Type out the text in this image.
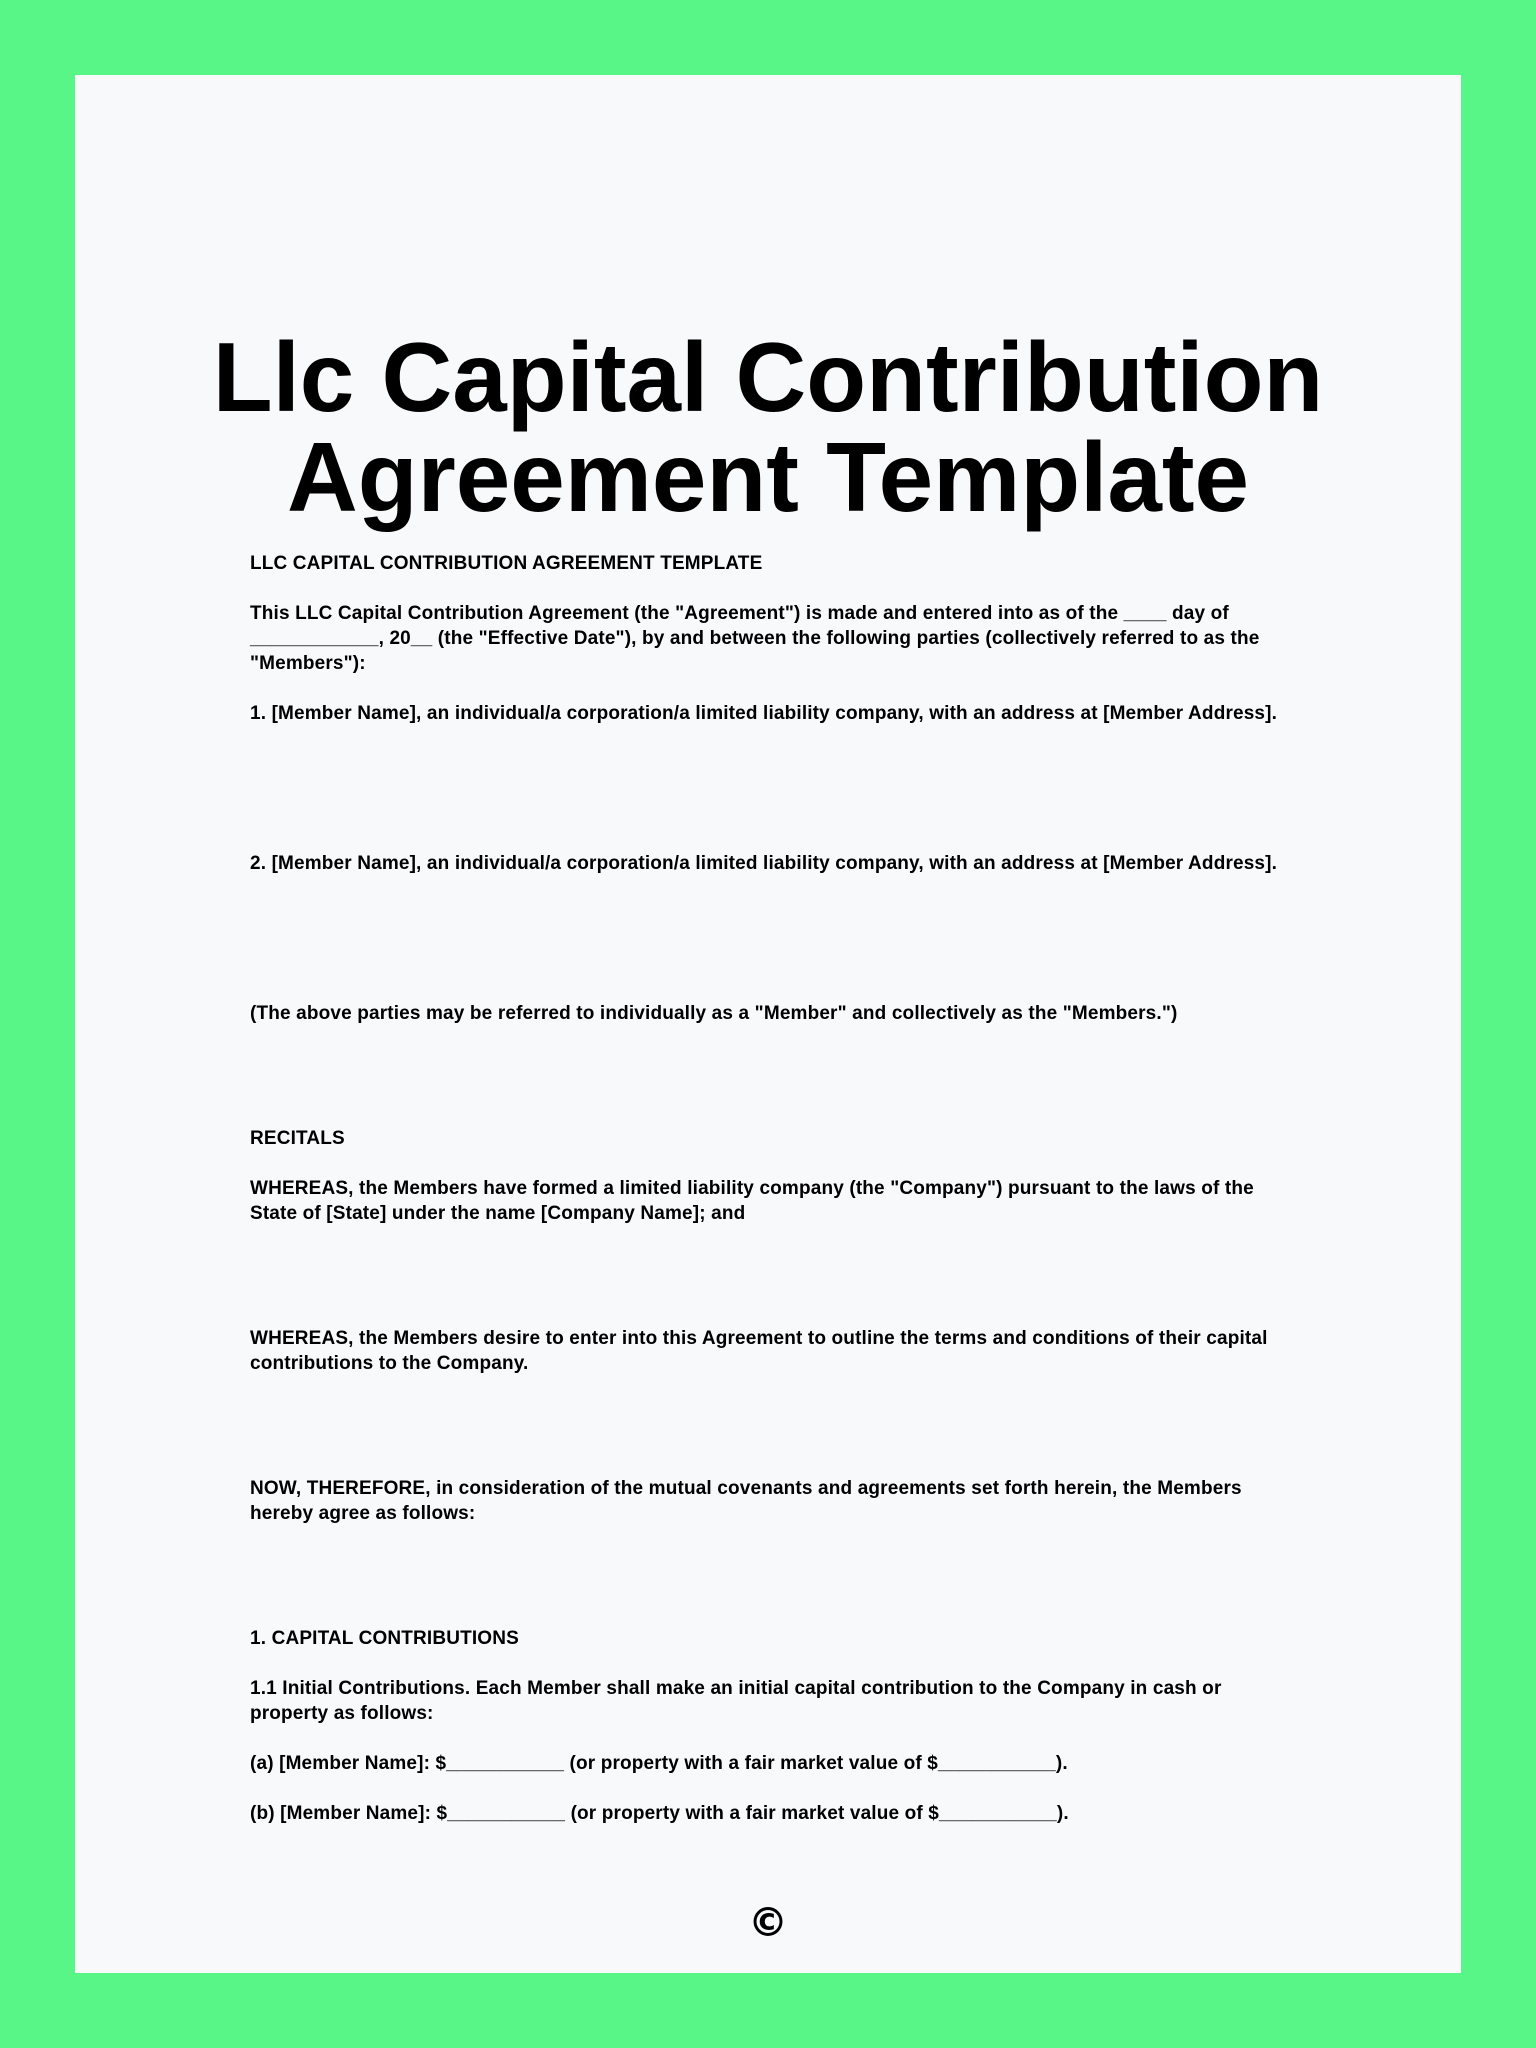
Llc Capital Contribution
Agreement Template

LLC CAPITAL CONTRIBUTION AGREEMENT TEMPLATE

This LLC Capital Contribution Agreement (the "Agreement") is made and entered into as of the ____ day of ____________, 20__ (the "Effective Date"), by and between the following parties (collectively referred to as the "Members"):

1. [Member Name], an individual/a corporation/a limited liability company, with an address at [Member Address].

2. [Member Name], an individual/a corporation/a limited liability company, with an address at [Member Address].

(The above parties may be referred to individually as a "Member" and collectively as the "Members.")

RECITALS

WHEREAS, the Members have formed a limited liability company (the "Company") pursuant to the laws of the State of [State] under the name [Company Name]; and

WHEREAS, the Members desire to enter into this Agreement to outline the terms and conditions of their capital contributions to the Company.

NOW, THEREFORE, in consideration of the mutual covenants and agreements set forth herein, the Members hereby agree as follows:

1. CAPITAL CONTRIBUTIONS

1.1 Initial Contributions. Each Member shall make an initial capital contribution to the Company in cash or property as follows:

(a) [Member Name]: $___________ (or property with a fair market value of $___________).

(b) [Member Name]: $___________ (or property with a fair market value of $___________).

©
